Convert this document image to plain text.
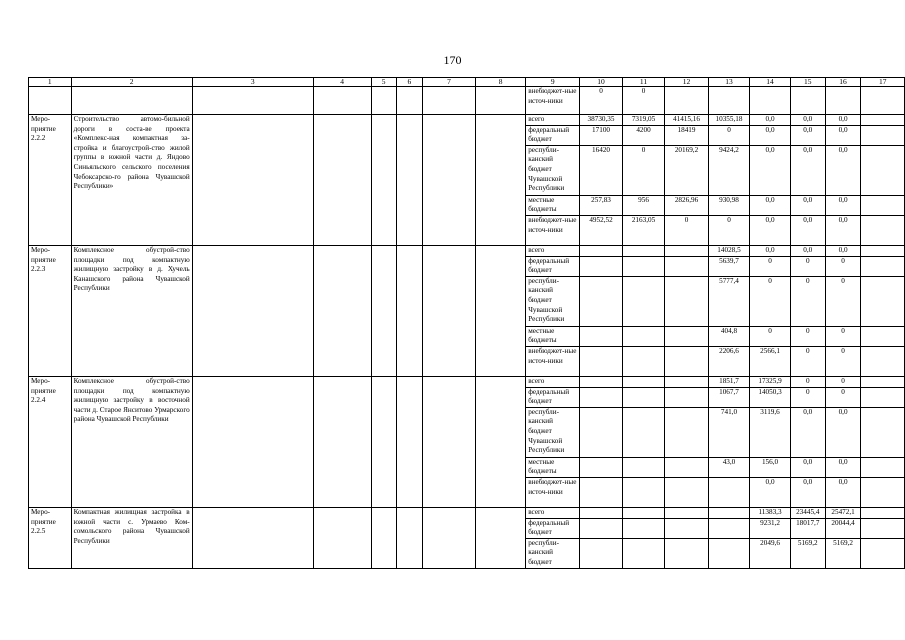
170
1	2	3	4	5	6	7	8	9	10	11	12	13	14	15	16	17
								внебюджет-ные источ-ники	0	0						
Меро-приятие 2.2.2	Строительство автомо-бильной дороги в соста-ве проекта «Комплекс-ная компактная за-стройка и благоустрой-ство жилой группы в южной части д. Яндово Синьяльского сельского поселения Чебоксарско-го района Чувашской Республики»							всего	38730,35	7319,05	41415,16	10355,18	0,0	0,0	0,0	
								федеральный бюджет	17100	4200	18419	0	0,0	0,0	0,0	
								республи-канский бюджет Чувашской Республики	16420	0	20169,2	9424,2	0,0	0,0	0,0	
								местные бюджеты	257,83	956	2826,96	930,98	0,0	0,0	0,0	
								внебюджет-ные источ-ники	4952,52	2163,05	0	0	0,0	0,0	0,0	
Меро-приятие 2.2.3	Комплексное обустрой-ство площадки под компактную жилищную застройку в д. Хучель Канашского района Чувашской Республики							всего				14028,5	0,0	0,0	0,0	
								федеральный бюджет				5639,7	0	0	0	
								республи-канский бюджет Чувашской Республики				5777,4	0	0	0	
								местные бюджеты				404,8	0	0	0	
								внебюджет-ные источ-ники				2206,6	2566,1	0	0	
Меро-приятие 2.2.4	Комплексное обустрой-ство площадки под компактную жилищную застройку в восточной части д. Старое Янситово Урмарского района Чувашской Республики							всего				1851,7	17325,9	0	0	
								федеральный бюджет				1067,7	14050,3	0	0	
								республи-канский бюджет Чувашской Республики				741,0	3119,6	0,0	0,0	
								местные бюджеты				43,0	156,0	0,0	0,0	
								внебюджет-ные источ-ники					0,0	0,0	0,0	
Меро-приятие 2.2.5	Компактная жилищная застройка в южной части с. Урмаево Ком-сомольского района Чувашской Республики							всего					11383,3	23445,4	25472,1	
								федеральный бюджет					9231,2	18017,7	20044,4	
								республи-канский бюджет					2049,6	5169,2	5169,2	
